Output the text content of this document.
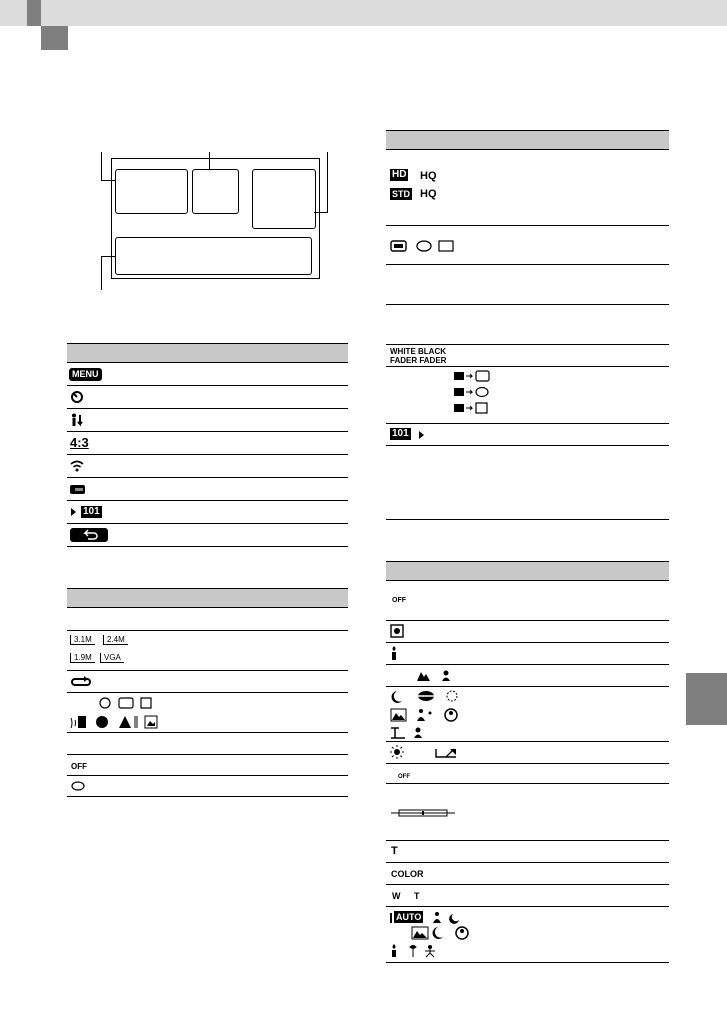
MENU
4:3
101
3.1M	2.4M
1.9M	VGA
OFF
HD HQ
STD HQ
WHITE BLACK
FADER FADER
101
OFF
OFF
T
COLOR
W T
AUTO
